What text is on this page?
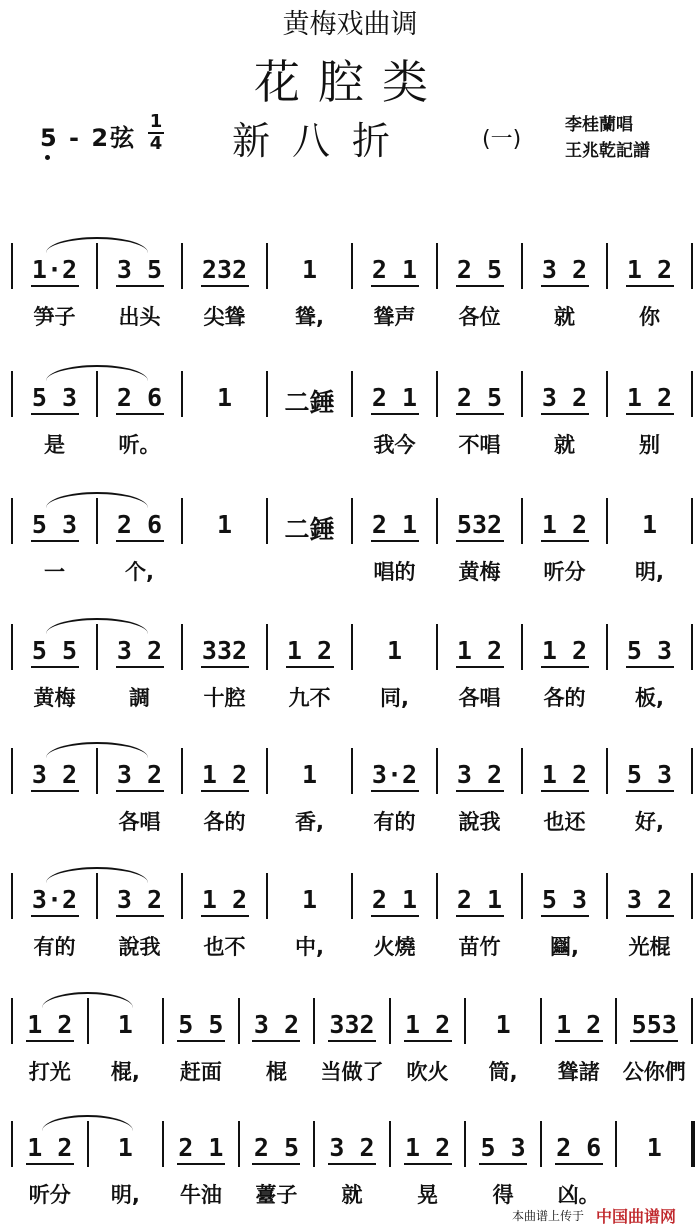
黄梅戏曲调
花腔类
5 - 2弦
1
4 新八折	(一)
李桂蘭唱
王兆乾記譜
1·2
笋子
3 5
出头
232
尖聳
1
聳,
2 1
聳声
2 5
各位
3 2
就
1 2
你
5 3
是
2 6
听。
1 二錘 2 1
我今
2 5
不唱
3 2
就
1 2
别
5 3
一
2 6
个,
1 二錘 2 1
唱的
532
黄梅
1 2
听分
1
明,
5 5
黄梅
3 2
調
332
十腔
1 2
九不
1
同,
1 2
各唱
1 2
各的
5 3
板,
3 2 3 2
各唱
1 2
各的
1
香,
3·2
有的
3 2
說我
1 2
也还
5 3
好,
3·2
有的
3 2
說我
1 2
也不
1
中,
2 1
火燒
2 1
苗竹
5 3
圝,
3 2
光棍
1 2
打光
1
棍,
5 5
赶面
3 2
棍
332
当做了
1 2
吹火
1
筒,
1 2
聳諸
553
公你們
1 2
听分
1
明,
2 1
牛油
2 5
薹子
3 2
就
1 2
晃
5 3
得
2 6
凶。
1
本曲谱上传于 中国曲谱网
